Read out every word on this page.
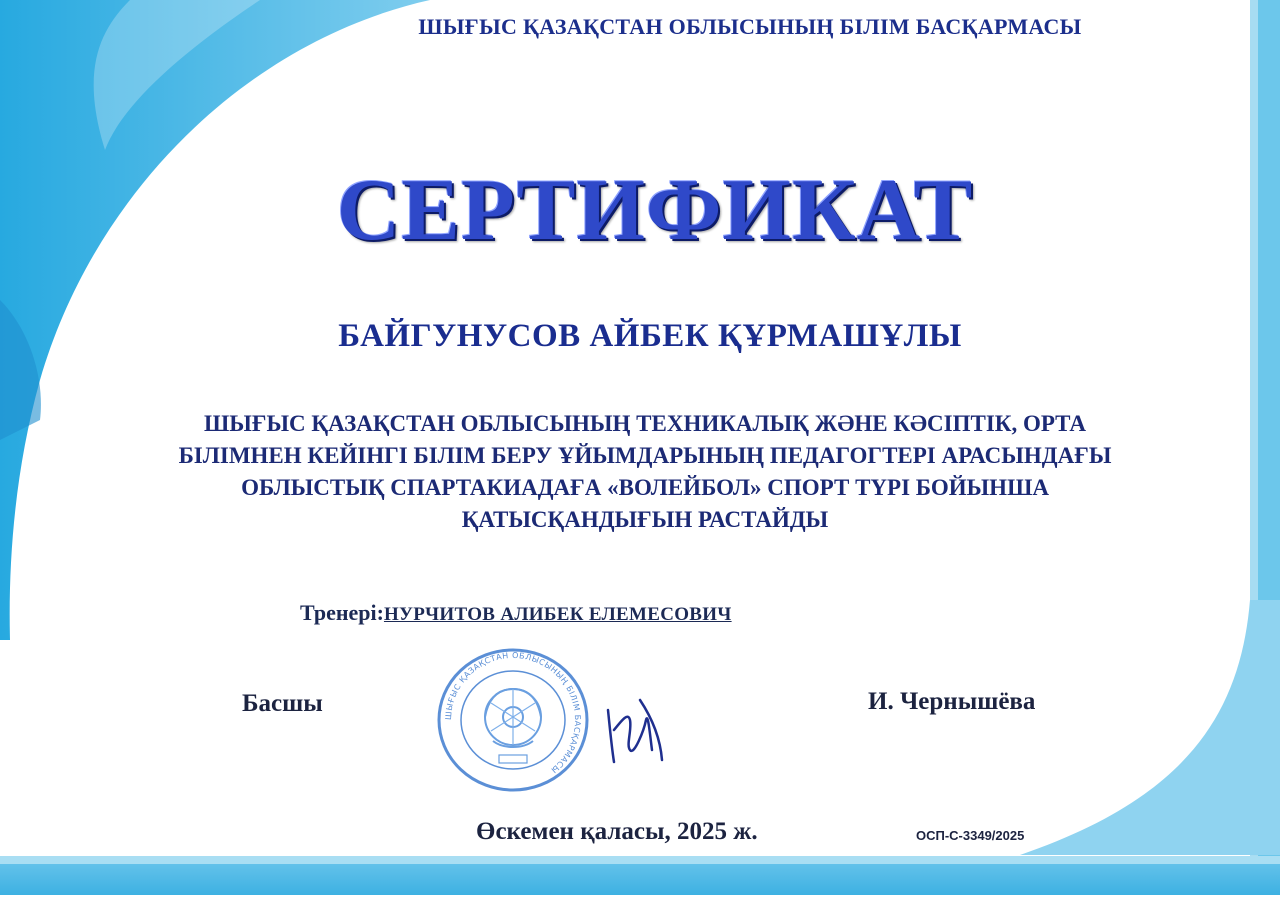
ШЫҒЫС ҚАЗАҚСТАН ОБЛЫСЫНЫҢ БІЛІМ БАСҚАРМАСЫ
СЕРТИФИКАТ
БАЙГУНУСОВ АЙБЕК ҚҰРМАШҰЛЫ
ШЫҒЫС ҚАЗАҚСТАН ОБЛЫСЫНЫҢ ТЕХНИКАЛЫҚ ЖӘНЕ КӘСІПТІК, ОРТА
БІЛІМНЕН КЕЙІНГІ БІЛІМ БЕРУ ҰЙЫМДАРЫНЫҢ ПЕДАГОГТЕРІ АРАСЫНДАҒЫ
ОБЛЫСТЫҚ СПАРТАКИАДАҒА «ВОЛЕЙБОЛ» СПОРТ ТҮРІ БОЙЫНША
ҚАТЫСҚАНДЫҒЫН РАСТАЙДЫ
Тренері:НУРЧИТОВ АЛИБЕК ЕЛЕМЕСОВИЧ
Басшы	ШЫҒЫС ҚАЗАҚСТАН ОБЛЫСЫНЫҢ БІЛІМ БАСҚАРМАСЫ
И. Чернышёва
Өскемен қаласы, 2025 ж.	ОСП-С-3349/2025
